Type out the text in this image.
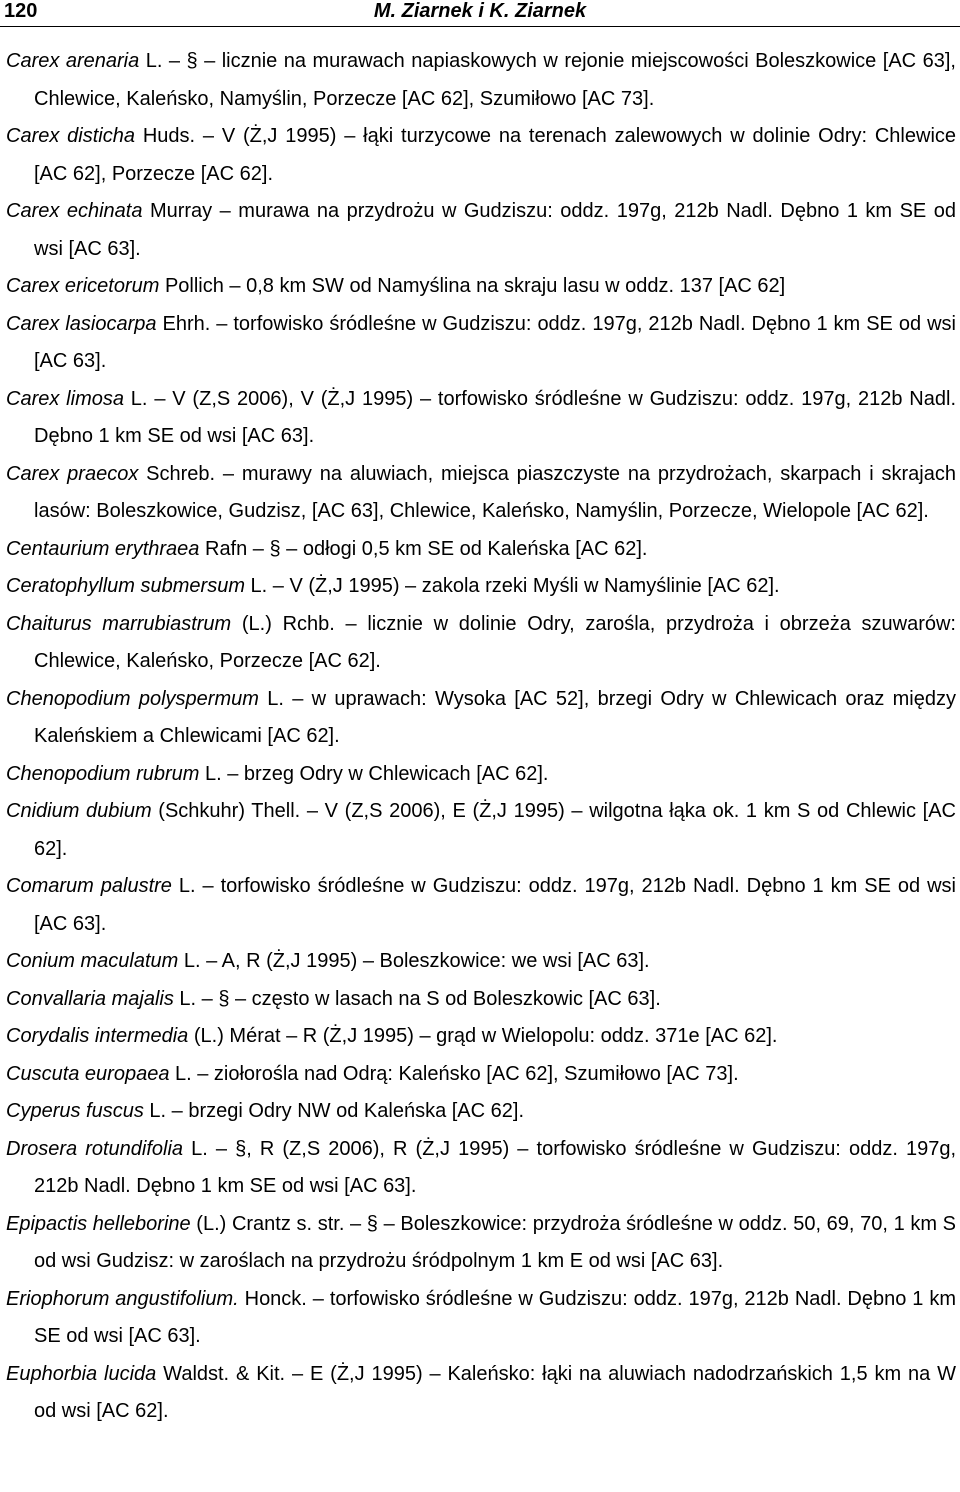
120	M. Ziarnek i K. Ziarnek

Carex arenaria L. – § – licznie na murawach napiaskowych w rejonie miejscowości Boleszkowice [AC 63], Chlewice, Kaleńsko, Namyślin, Porzecze [AC 62], Szumiłowo [AC 73].

Carex disticha Huds. – V (Ż,J 1995) – łąki turzycowe na terenach zalewowych w dolinie Odry: Chlewice [AC 62], Porzecze [AC 62].

Carex echinata Murray – murawa na przydrożu w Gudziszu: oddz. 197g, 212b Nadl. Dębno 1 km SE od wsi [AC 63].

Carex ericetorum Pollich – 0,8 km SW od Namyślina na skraju lasu w oddz. 137 [AC 62]

Carex lasiocarpa Ehrh. – torfowisko śródleśne w Gudziszu: oddz. 197g, 212b Nadl. Dębno 1 km SE od wsi [AC 63].

Carex limosa L. – V (Z,S 2006), V (Ż,J 1995) – torfowisko śródleśne w Gudziszu: oddz. 197g, 212b Nadl. Dębno 1 km SE od wsi [AC 63].

Carex praecox Schreb. – murawy na aluwiach, miejsca piaszczyste na przydrożach, skarpach i skrajach lasów: Boleszkowice, Gudzisz, [AC 63], Chlewice, Kaleńsko, Namyślin, Porzecze, Wielopole [AC 62].

Centaurium erythraea Rafn – § – odłogi 0,5 km SE od Kaleńska [AC 62].

Ceratophyllum submersum L. – V (Ż,J 1995) – zakola rzeki Myśli w Namyślinie [AC 62].

Chaiturus marrubiastrum (L.) Rchb. – licznie w dolinie Odry, zarośla, przydroża i obrzeża szuwarów: Chlewice, Kaleńsko, Porzecze [AC 62].

Chenopodium polyspermum L. – w uprawach: Wysoka [AC 52], brzegi Odry w Chlewicach oraz między Kaleńskiem a Chlewicami [AC 62].

Chenopodium rubrum L. – brzeg Odry w Chlewicach [AC 62].

Cnidium dubium (Schkuhr) Thell. – V (Z,S 2006), E (Ż,J 1995) – wilgotna łąka ok. 1 km S od Chlewic [AC 62].

Comarum palustre L. – torfowisko śródleśne w Gudziszu: oddz. 197g, 212b Nadl. Dębno 1 km SE od wsi [AC 63].

Conium maculatum L. – A, R (Ż,J 1995) – Boleszkowice: we wsi [AC 63].

Convallaria majalis L. – § – często w lasach na S od Boleszkowic [AC 63].

Corydalis intermedia (L.) Mérat – R (Ż,J 1995) – grąd w Wielopolu: oddz. 371e [AC 62].

Cuscuta europaea L. – ziołorośla nad Odrą: Kaleńsko [AC 62], Szumiłowo [AC 73].

Cyperus fuscus L. – brzegi Odry NW od Kaleńska [AC 62].

Drosera rotundifolia L. – §, R (Z,S 2006), R (Ż,J 1995) – torfowisko śródleśne w Gudziszu: oddz. 197g, 212b Nadl. Dębno 1 km SE od wsi [AC 63].

Epipactis helleborine (L.) Crantz s. str. – § – Boleszkowice: przydroża śródleśne w oddz. 50, 69, 70, 1 km S od wsi Gudzisz: w zaroślach na przydrożu śródpolnym 1 km E od wsi [AC 63].

Eriophorum angustifolium. Honck. – torfowisko śródleśne w Gudziszu: oddz. 197g, 212b Nadl. Dębno 1 km SE od wsi [AC 63].

Euphorbia lucida Waldst. & Kit. – E (Ż,J 1995) – Kaleńsko: łąki na aluwiach nadodrzańskich 1,5 km na W od wsi [AC 62].
